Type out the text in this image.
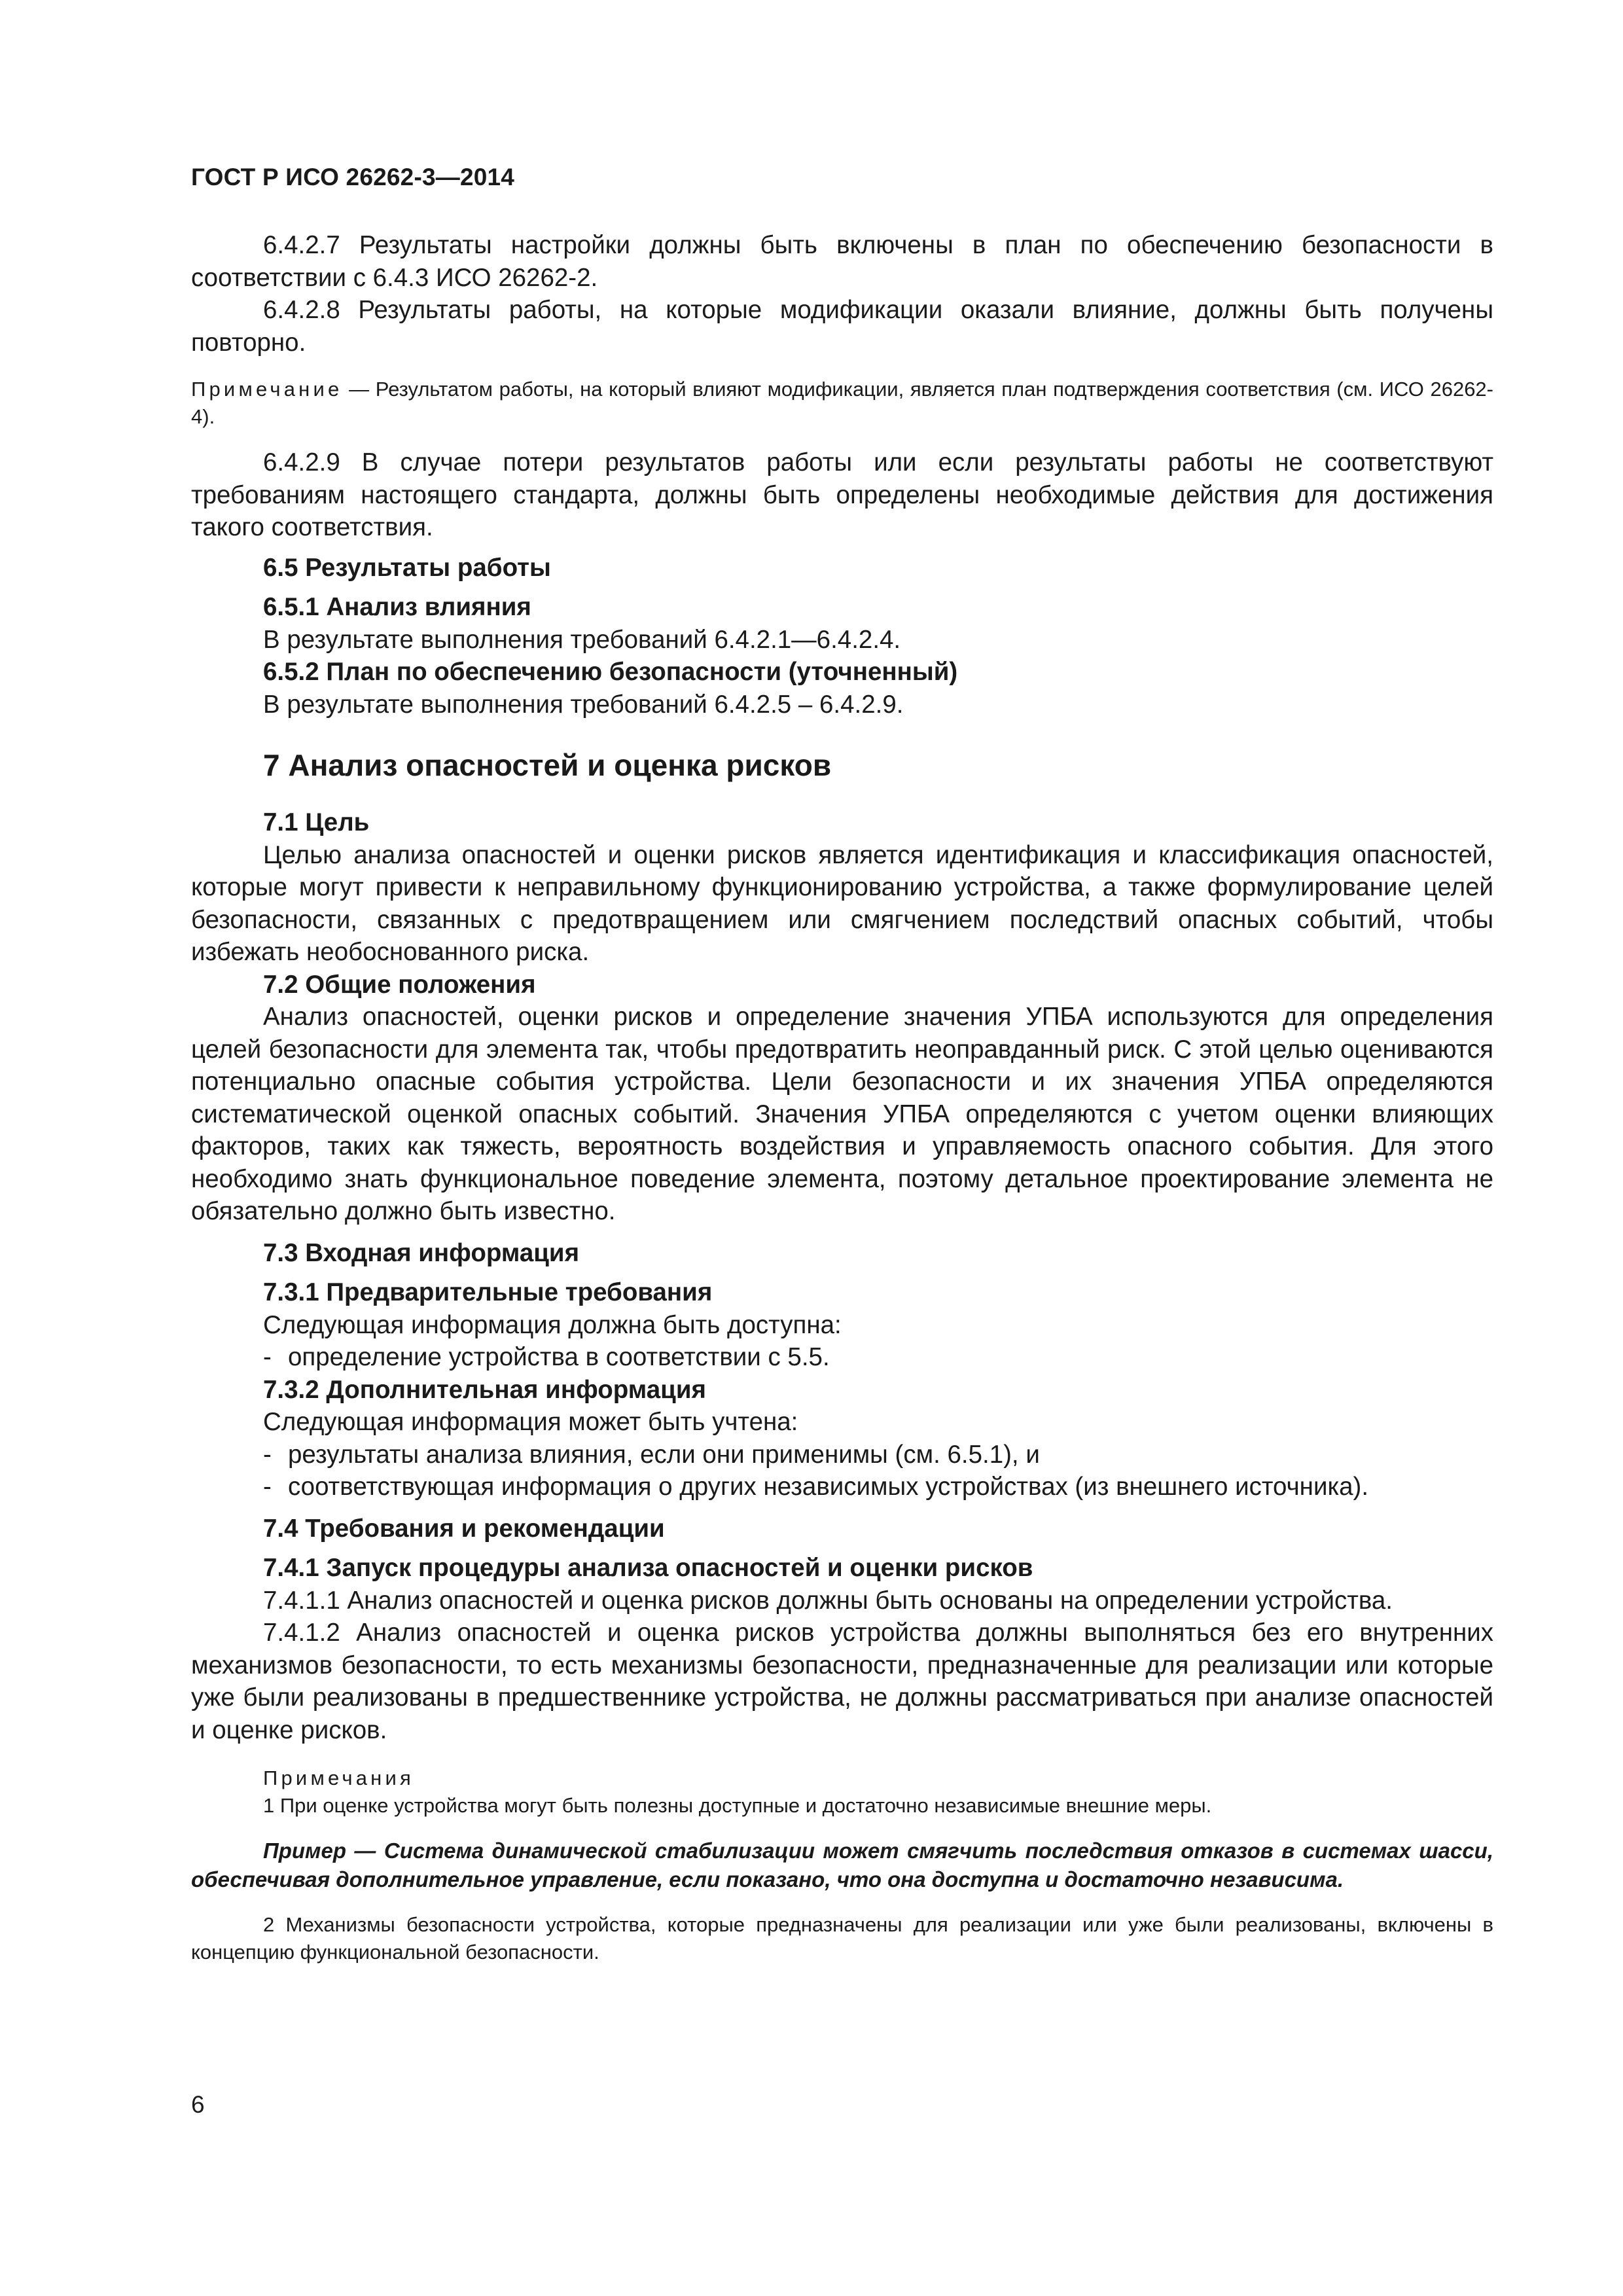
ГОСТ Р ИСО 26262-3—2014

6.4.2.7 Результаты настройки должны быть включены в план по обеспечению безопасности в соответствии с 6.4.3 ИСО 26262-2.

6.4.2.8 Результаты работы, на которые модификации оказали влияние, должны быть получены повторно.

Примечание — Результатом работы, на который влияют модификации, является план подтверждения соответствия (см. ИСО 26262-4).

6.4.2.9 В случае потери результатов работы или если результаты работы не соответствуют требованиям настоящего стандарта, должны быть определены необходимые действия для достижения такого соответствия.

6.5 Результаты работы

6.5.1 Анализ влияния

В результате выполнения требований 6.4.2.1—6.4.2.4.

6.5.2 План по обеспечению безопасности (уточненный)

В результате выполнения требований 6.4.2.5 – 6.4.2.9.

7 Анализ опасностей и оценка рисков

7.1 Цель

Целью анализа опасностей и оценки рисков является идентификация и классификация опасностей, которые могут привести к неправильному функционированию устройства, а также формулирование целей безопасности, связанных с предотвращением или смягчением последствий опасных событий, чтобы избежать необоснованного риска.

7.2 Общие положения

Анализ опасностей, оценки рисков и определение значения УПБА используются для определения целей безопасности для элемента так, чтобы предотвратить неоправданный риск. С этой целью оцениваются потенциально опасные события устройства. Цели безопасности и их значения УПБА определяются систематической оценкой опасных событий. Значения УПБА определяются с учетом оценки влияющих факторов, таких как тяжесть, вероятность воздействия и управляемость опасного события. Для этого необходимо знать функциональное поведение элемента, поэтому детальное проектирование элемента не обязательно должно быть известно.

7.3 Входная информация

7.3.1 Предварительные требования

Следующая информация должна быть доступна:

- определение устройства в соответствии с 5.5.

7.3.2 Дополнительная информация

Следующая информация может быть учтена:

- результаты анализа влияния, если они применимы (см. 6.5.1), и

- соответствующая информация о других независимых устройствах (из внешнего источника).

7.4 Требования и рекомендации

7.4.1 Запуск процедуры анализа опасностей и оценки рисков

7.4.1.1 Анализ опасностей и оценка рисков должны быть основаны на определении устройства.

7.4.1.2 Анализ опасностей и оценка рисков устройства должны выполняться без его внутренних механизмов безопасности, то есть механизмы безопасности, предназначенные для реализации или которые уже были реализованы в предшественнике устройства, не должны рассматриваться при анализе опасностей и оценке рисков.

Примечания

1 При оценке устройства могут быть полезны доступные и достаточно независимые внешние меры.

Пример — Система динамической стабилизации может смягчить последствия отказов в системах шасси, обеспечивая дополнительное управление, если показано, что она доступна и достаточно независима.

2 Механизмы безопасности устройства, которые предназначены для реализации или уже были реализованы, включены в концепцию функциональной безопасности.

6
